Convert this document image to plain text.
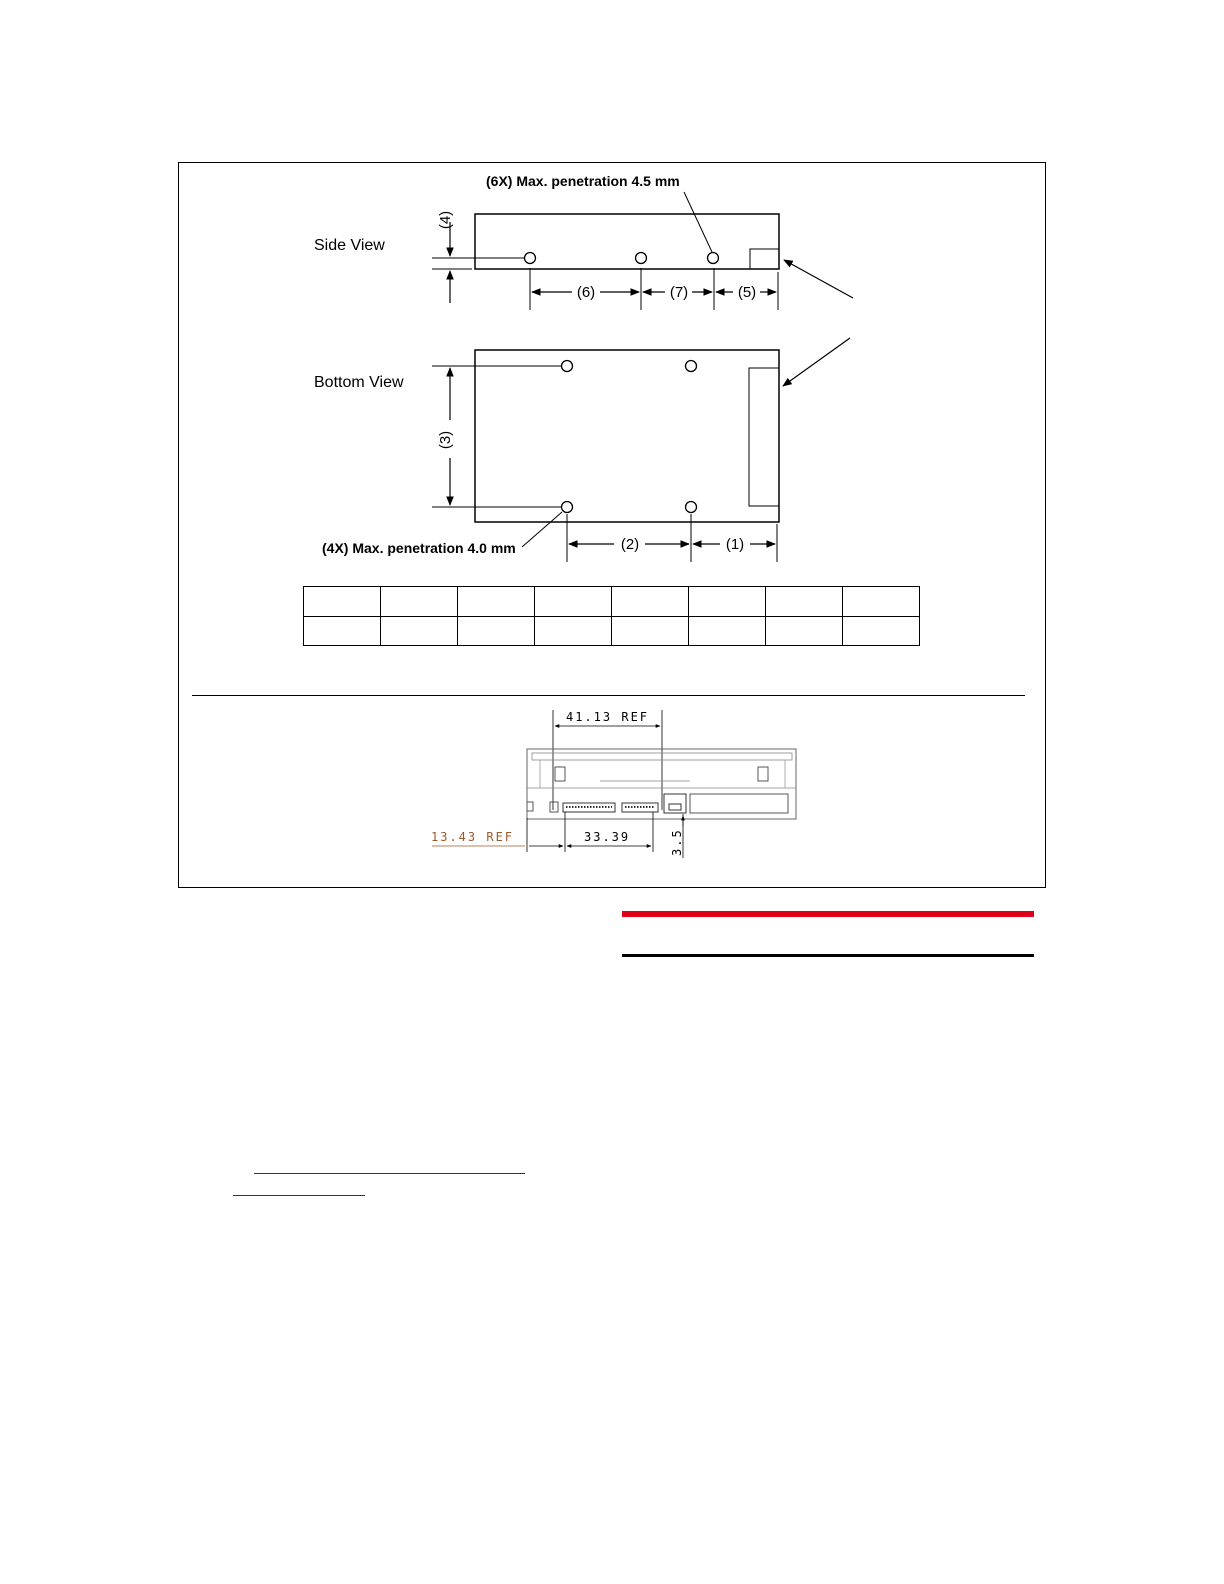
(6X) Max. penetration 4.5 mm
Side View
(4)
(6)	(7)	(5)
Bottom View
(3)
(4X) Max. penetration 4.0 mm	(2)	(1)

41.13 REF
13.43 REF	33.39	3.5
